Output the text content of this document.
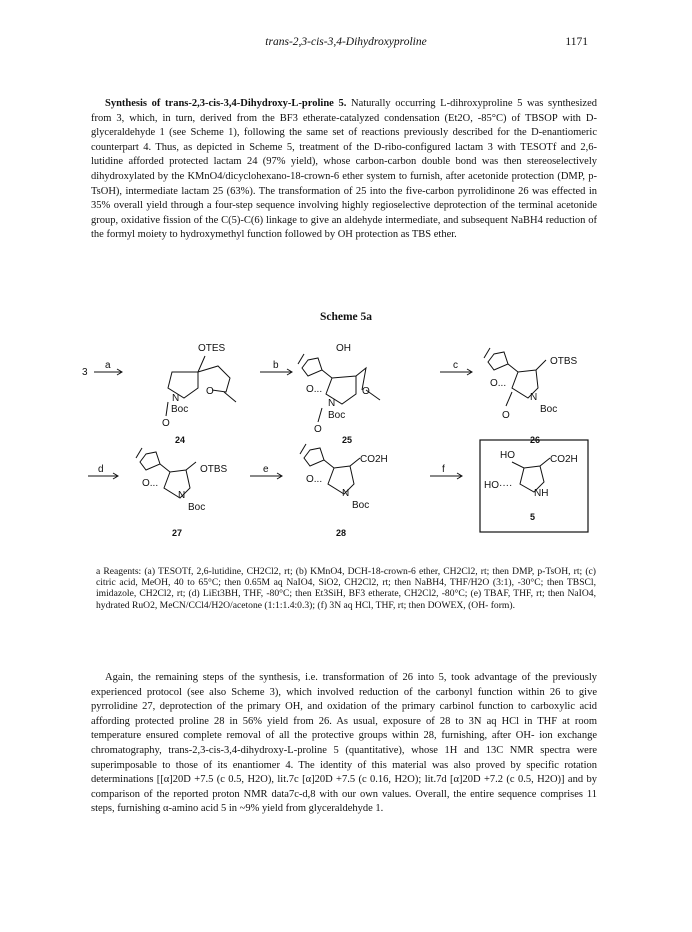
trans-2,3-cis-3,4-Dihydroxyproline	1171

Synthesis of trans-2,3-cis-3,4-Dihydroxy-L-proline 5. Naturally occurring L-dihroxyproline 5 was synthesized from 3, which, in turn, derived from the BF3 etherate-catalyzed condensation (Et2O, -85°C) of TBSOP with D-glyceraldehyde 1 (see Scheme 1), following the same set of reactions previously described for the D-enantiomeric counterpart 4. Thus, as depicted in Scheme 5, treatment of the D-ribo-configured lactam 3 with TESOTf and 2,6-lutidine afforded protected lactam 24 (97% yield), whose carbon-carbon double bond was then stereoselectively dihydroxylated by the KMnO4/dicyclohexano-18-crown-6 ether system to furnish, after acetonide protection (DMP, p-TsOH), intermediate lactam 25 (63%). The transformation of 25 into the five-carbon pyrrolidinone 26 was effected in 35% overall yield through a four-step sequence involving highly regioselective deprotection of the terminal acetonide group, oxidative fission of the C(5)-C(6) linkage to give an aldehyde intermediate, and subsequent NaBH4 reduction of the formyl moiety to hydroxymethyl function followed by OH protection as TBS ether.

Scheme 5a
3
a
OTES
N
Boc
O
O
24
b
OH
O...
N
Boc
O
O
25
c	OTBS
O...
N
Boc
O
26
d	OTBS
O...
N
Boc
27
e
CO2H
O...
N
Boc
28
f
HO	CO2H
HO····
NH
5

a Reagents: (a) TESOTf, 2,6-lutidine, CH2Cl2, rt; (b) KMnO4, DCH-18-crown-6 ether, CH2Cl2, rt; then DMP, p-TsOH, rt; (c) citric acid, MeOH, 40 to 65°C; then 0.65M aq NaIO4, SiO2, CH2Cl2, rt; then NaBH4, THF/H2O (3:1), -30°C; then TBSCl, imidazole, CH2Cl2, rt; (d) LiEt3BH, THF, -80°C; then Et3SiH, BF3 etherate, CH2Cl2, -80°C; (e) TBAF, THF, rt; then NaIO4, hydrated RuO2, MeCN/CCl4/H2O/acetone (1:1:1.4:0.3); (f) 3N aq HCl, THF, rt; then DOWEX, (OH- form).

Again, the remaining steps of the synthesis, i.e. transformation of 26 into 5, took advantage of the previously experienced protocol (see also Scheme 3), which involved reduction of the carbonyl function within 26 to give pyrrolidine 27, deprotection of the primary OH, and oxidation of the primary carbinol function to carboxylic acid affording protected proline 28 in 56% yield from 26. As usual, exposure of 28 to 3N aq HCl in THF at room temperature ensured complete removal of all the protective groups within 28, furnishing, after OH- ion exchange chromatography, trans-2,3-cis-3,4-dihydroxy-L-proline 5 (quantitative), whose 1H and 13C NMR spectra were superimposable to those of its enantiomer 4. The identity of this material was also proved by specific rotation determinations [[α]20D +7.5 (c 0.5, H2O), lit.7c [α]20D +7.5 (c 0.16, H2O); lit.7d [α]20D +7.2 (c 0.5, H2O)] and by comparison of the reported proton NMR data7c-d,8 with our own values. Overall, the entire sequence comprises 11 steps, furnishing α-amino acid 5 in ~9% yield from glyceraldehyde 1.
